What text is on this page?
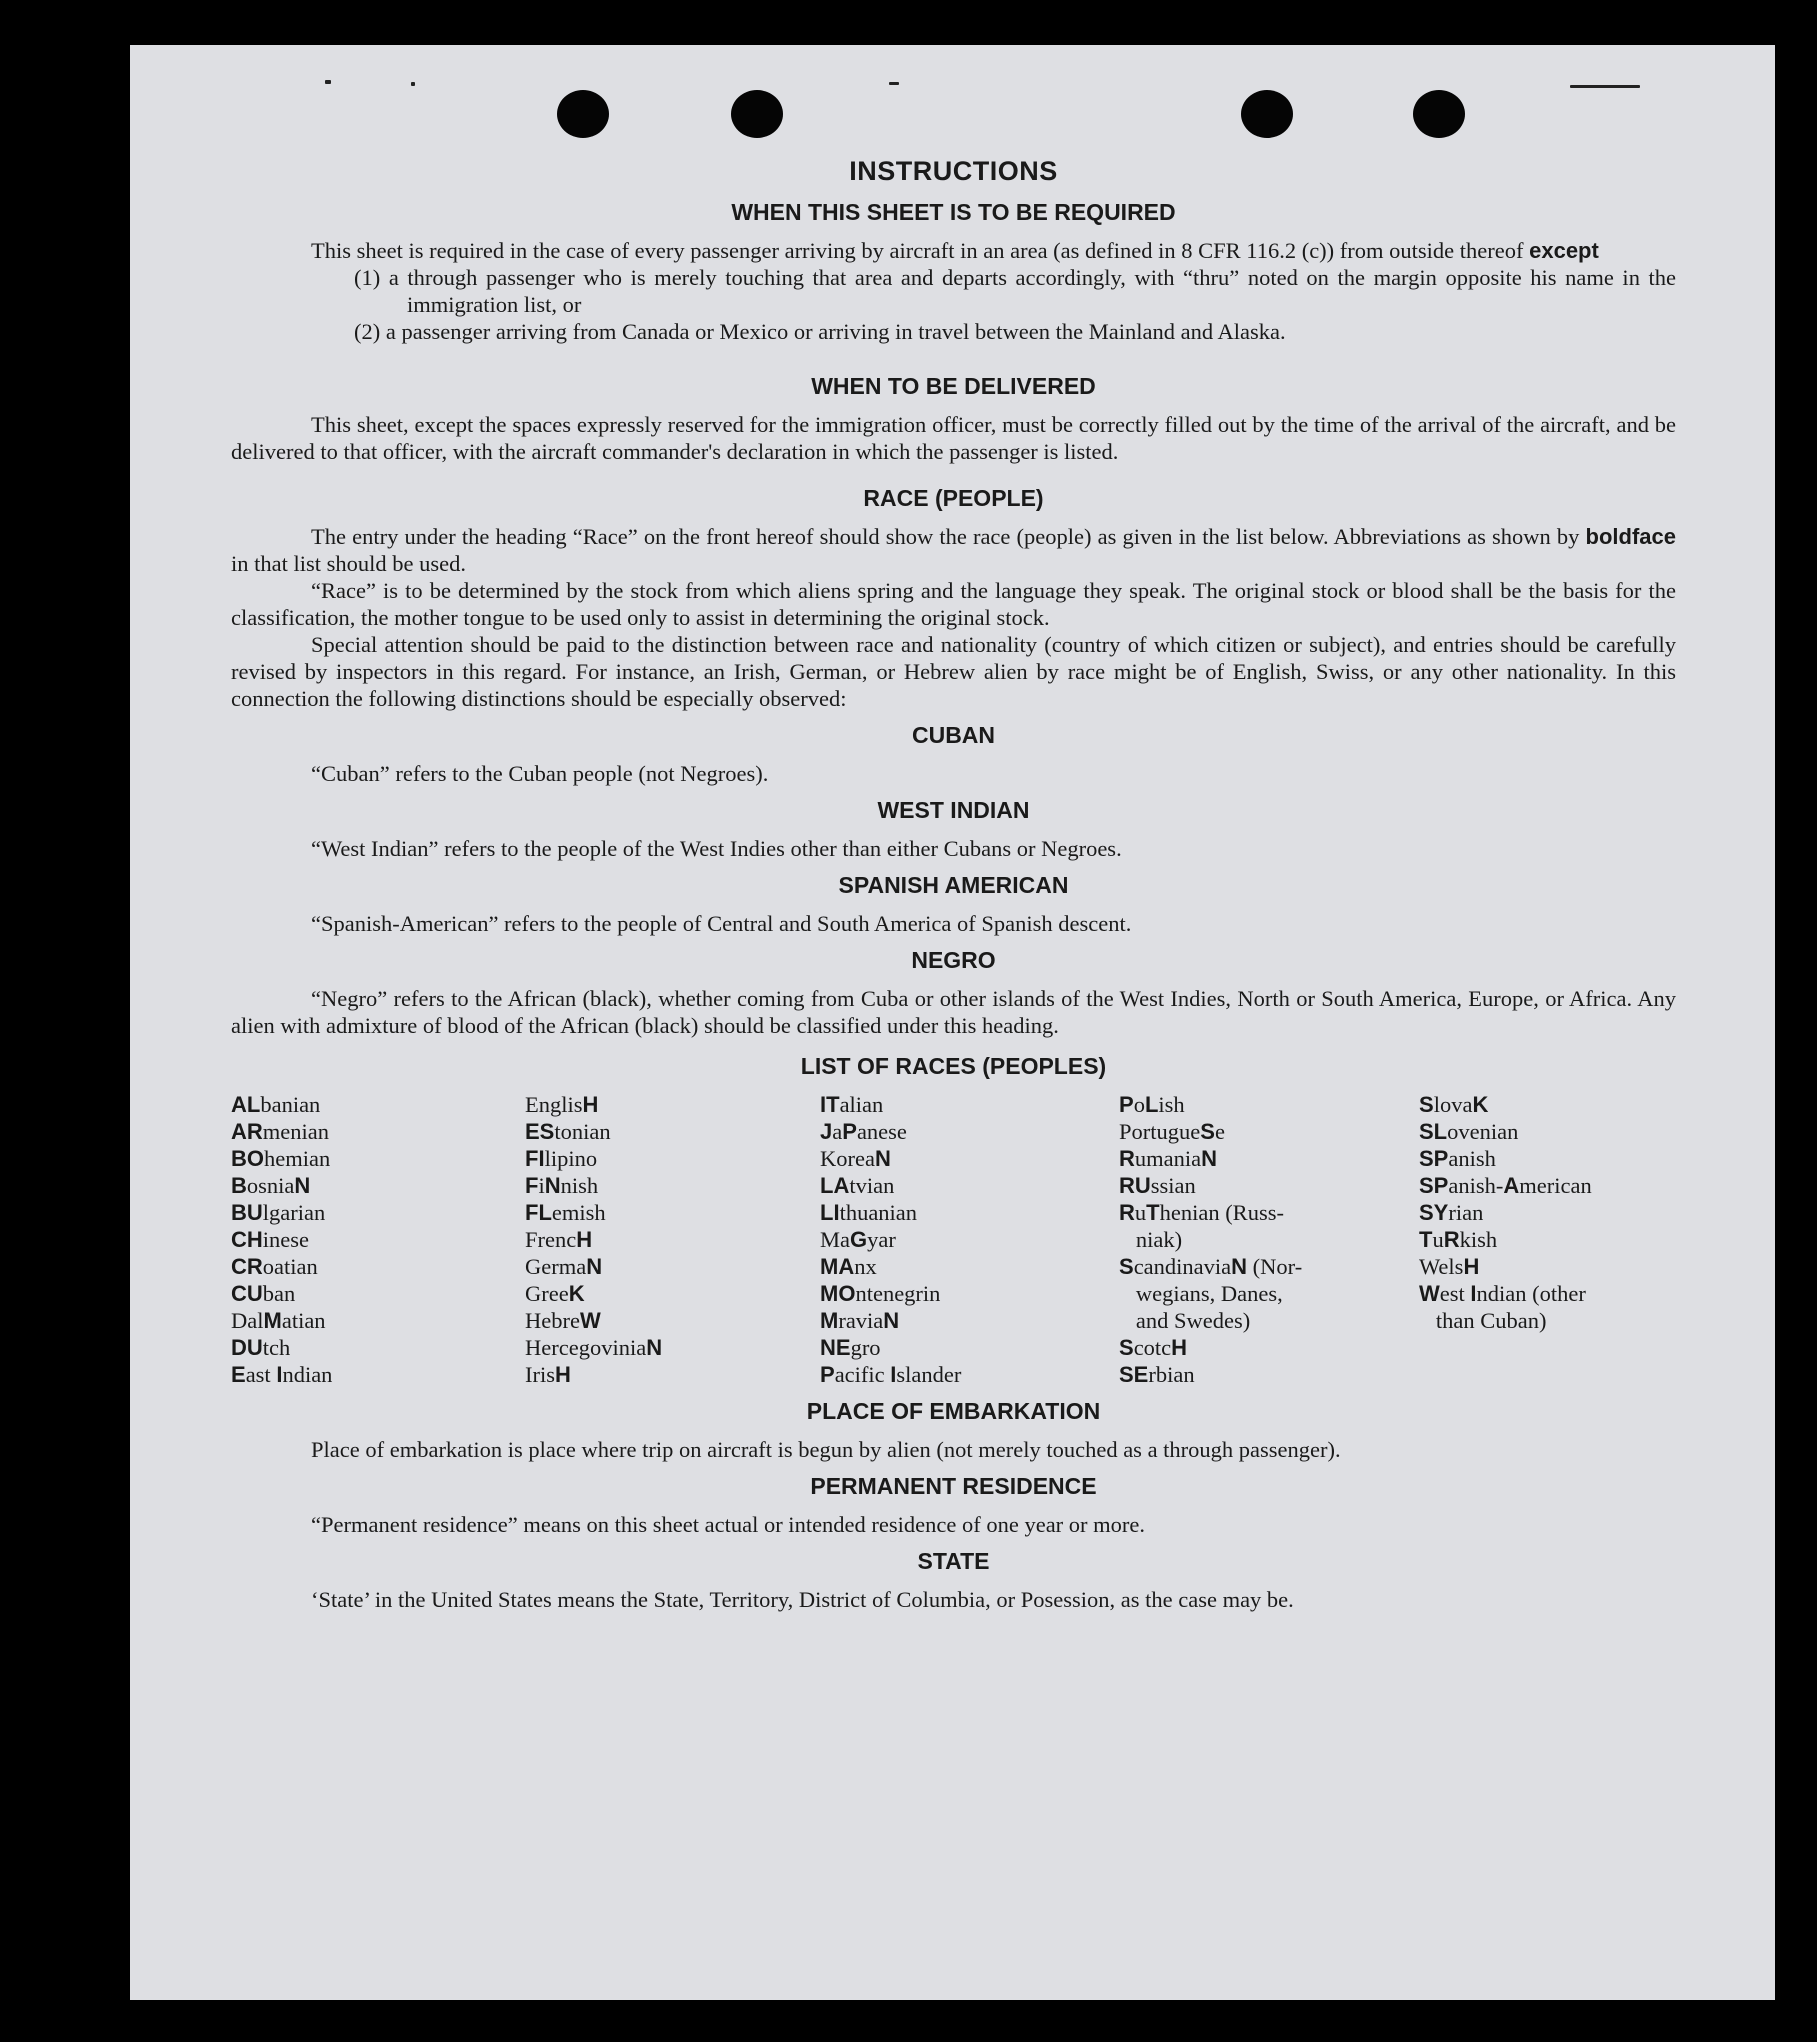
INSTRUCTIONS
WHEN THIS SHEET IS TO BE REQUIRED

This sheet is required in the case of every passenger arriving by aircraft in an area (as defined in 8 CFR 116.2 (c)) from outside thereof except

(1) a through passenger who is merely touching that area and departs accordingly, with “thru” noted on the margin opposite his name in the immigration list, or
(2) a passenger arriving from Canada or Mexico or arriving in travel between the Mainland and Alaska.
WHEN TO BE DELIVERED

This sheet, except the spaces expressly reserved for the immigration officer, must be correctly filled out by the time of the arrival of the aircraft, and be delivered to that officer, with the aircraft commander's declaration in which the passenger is listed.

RACE (PEOPLE)

The entry under the heading “Race” on the front hereof should show the race (people) as given in the list below. Abbreviations as shown by boldface in that list should be used.

“Race” is to be determined by the stock from which aliens spring and the language they speak. The original stock or blood shall be the basis for the classification, the mother tongue to be used only to assist in determining the original stock.

Special attention should be paid to the distinction between race and nationality (country of which citizen or subject), and entries should be carefully revised by inspectors in this regard. For instance, an Irish, German, or Hebrew alien by race might be of English, Swiss, or any other nationality. In this connection the following distinctions should be especially observed:

CUBAN

“Cuban” refers to the Cuban people (not Negroes).

WEST INDIAN

“West Indian” refers to the people of the West Indies other than either Cubans or Negroes.

SPANISH AMERICAN

“Spanish-American” refers to the people of Central and South America of Spanish descent.

NEGRO

“Negro” refers to the African (black), whether coming from Cuba or other islands of the West Indies, North or South America, Europe, or Africa. Any alien with admixture of blood of the African (black) should be classified under this heading.

LIST OF RACES (PEOPLES)
ALbanian
ARmenian
BOhemian
BosniaN
BUlgarian
CHinese
CRoatian
CUban
DalMatian
DUtch
East Indian
EnglisH
EStonian
FIlipino
FiNnish
FLemish
FrencH
GermaN
GreeK
HebreW
HercegoviniaN
IrisH
ITalian
JaPanese
KoreaN
LAtvian
LIthuanian
MaGyar
MAnx
MOntenegrin
MraviaN
NEgro
Pacific Islander
PoLish
PortugueSe
RumaniaN
RUssian
RuThenian (Russ-
niak)
ScandinaviaN (Nor-
wegians, Danes,
and Swedes)
ScotcH
SErbian
SlovaK
SLovenian
SPanish
SPanish-American
SYrian
TuRkish
WelsH
West Indian (other
than Cuban)
PLACE OF EMBARKATION

Place of embarkation is place where trip on aircraft is begun by alien (not merely touched as a through passenger).

PERMANENT RESIDENCE

“Permanent residence” means on this sheet actual or intended residence of one year or more.

STATE

‘State’ in the United States means the State, Territory, District of Columbia, or Posession, as the case may be.
